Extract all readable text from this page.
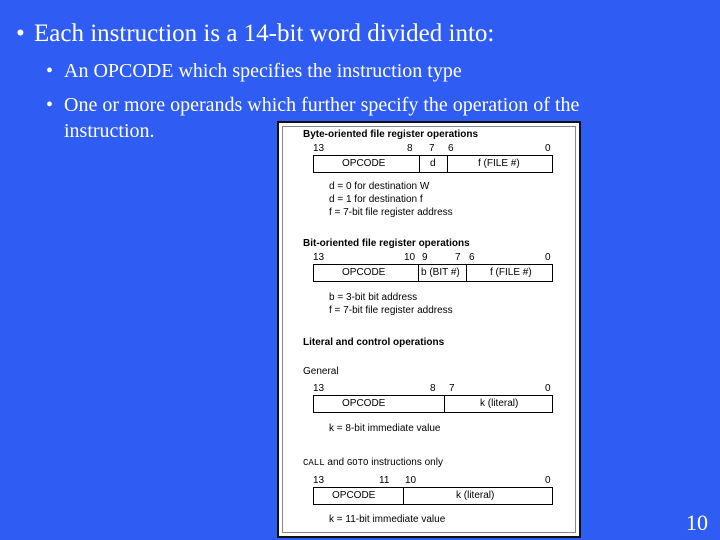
• Each instruction is a 14-bit word divided into:
• An OPCODE which specifies the instruction type
• One or more operands which further specify the operation of the
instruction.	Byte-oriented file register operations
13	8 7 6	0
OPCODE	d	f (FILE #)
d = 0 for destination W
d = 1 for destination f
f = 7-bit file register address
Bit-oriented file register operations
13	10 9	7 6	0
OPCODE	b (BIT #)	f (FILE #)
b = 3-bit bit address
f = 7-bit file register address
Literal and control operations
General
13	8 7	0
OPCODE	k (literal)
k = 8-bit immediate value
CALL and GOTO instructions only
13	11 10	0
OPCODE	k (literal)
k = 11-bit immediate value	10
